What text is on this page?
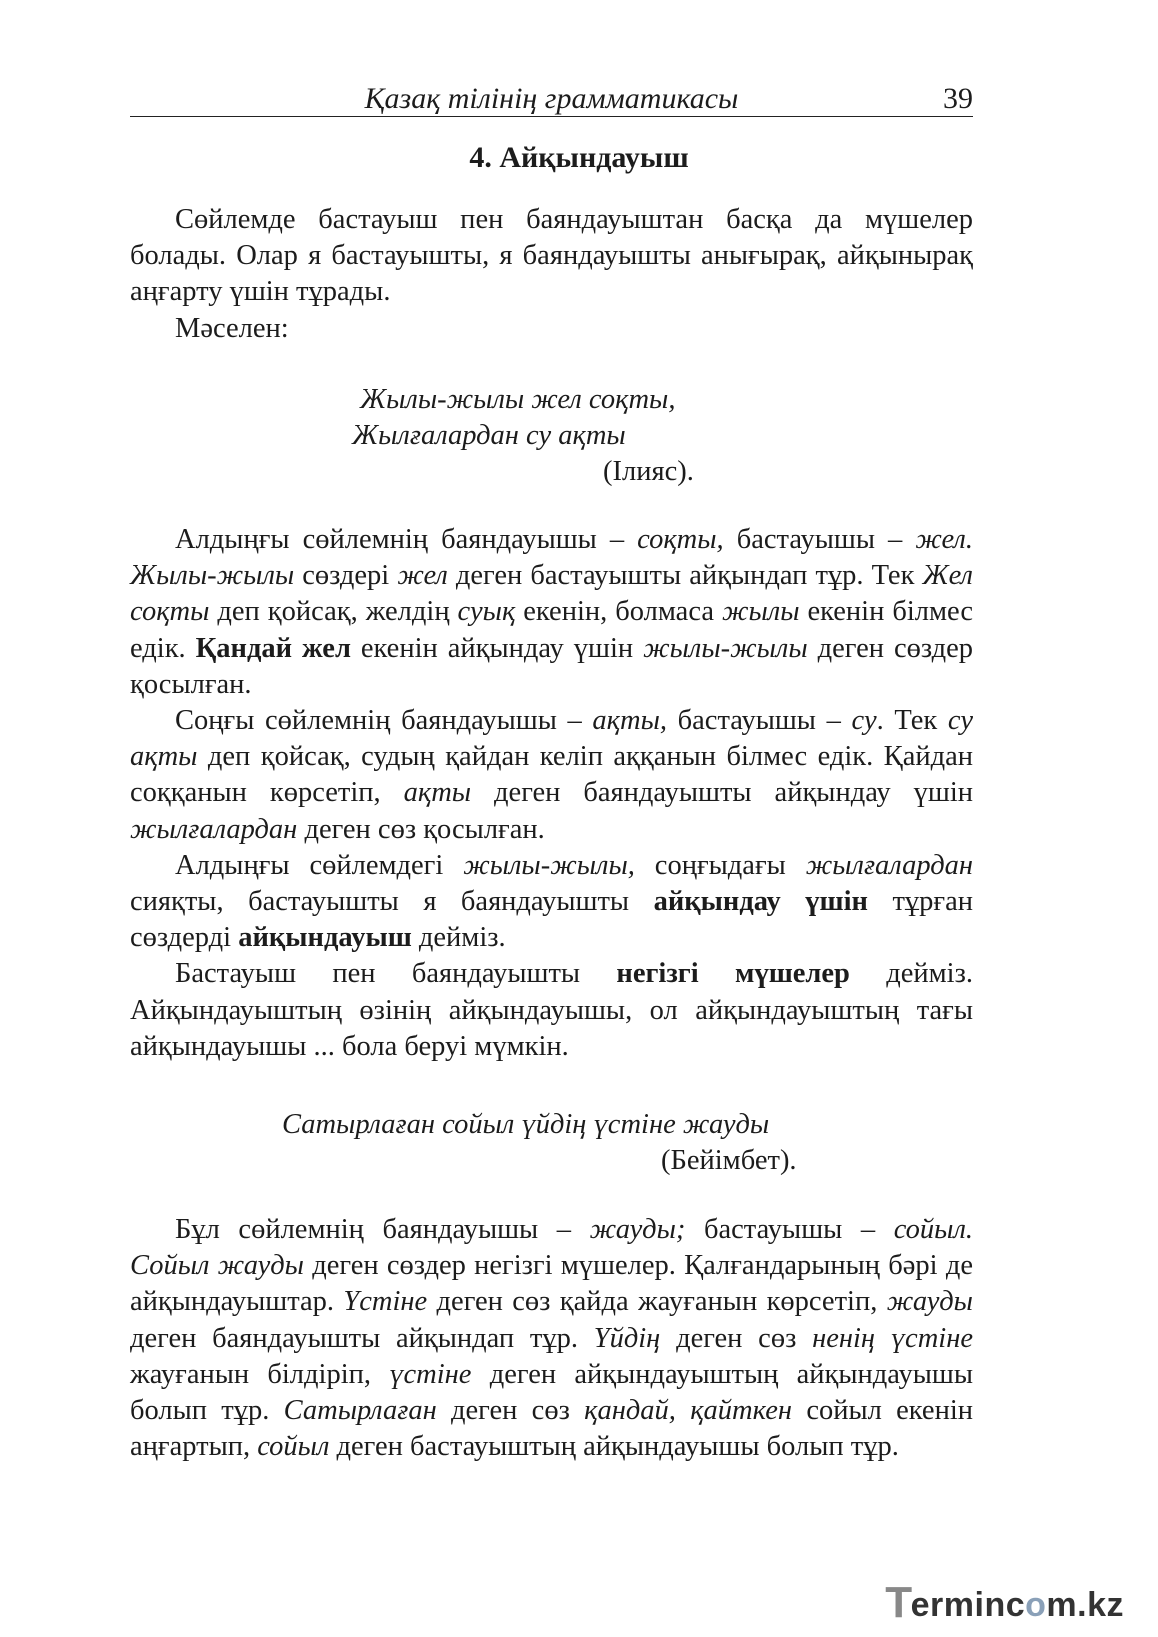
Қазақ тілінің грамматикасы	39
4. Айқындауыш

Сөйлемде бастауыш пен баяндауыштан басқа да мүшелер болады. Олар я бастауышты, я баяндауышты анығырақ, айқынырақ аңғарту үшін тұрады.

Мәселен:

Жылы-жылы жел соқты,
Жылғалардан су ақты
(Ілияс).

Алдыңғы сөйлемнің баяндауышы – соқты, бастауышы – жел. Жылы-жылы сөздері жел деген бастауышты айқындап тұр. Тек Жел соқты деп қойсақ, желдің суық екенін, болмаса жылы екенін білмес едік. Қандай жел екенін айқындау үшін жылы-жылы деген сөздер қосылған.

Соңғы сөйлемнің баяндауышы – ақты, бастауышы – су. Тек су ақты деп қойсақ, судың қайдан келіп аққанын білмес едік. Қайдан соққанын көрсетіп, ақты деген баяндауышты айқындау үшін жылғалардан деген сөз қосылған.

Алдыңғы сөйлемдегі жылы-жылы, соңғыдағы жылғалардан сияқты, бастауышты я баяндауышты айқындау үшін тұрған сөздерді айқындауыш дейміз.

Бастауыш пен баяндауышты негізгі мүшелер дейміз. Айқындауыштың өзінің айқындауышы, ол айқындауыштың тағы айқындауышы ... бола беруі мүмкін.

Сатырлаған сойыл үйдің үстіне жауды
(Бейімбет).

Бұл сөйлемнің баяндауышы – жауды; бастауышы – сойыл. Сойыл жауды деген сөздер негізгі мүшелер. Қалғандарының бәрі де айқындауыштар. Үстіне деген сөз қайда жауғанын көрсетіп, жауды деген баяндауышты айқындап тұр. Үйдің деген сөз ненің үстіне жауғанын білдіріп, үстіне деген айқындауыштың айқындауышы болып тұр. Сатырлаған деген сөз қандай, қайткен сойыл екенін аңғартып, сойыл деген бастауыштың айқындауышы болып тұр.

T
erminc o m.kz
